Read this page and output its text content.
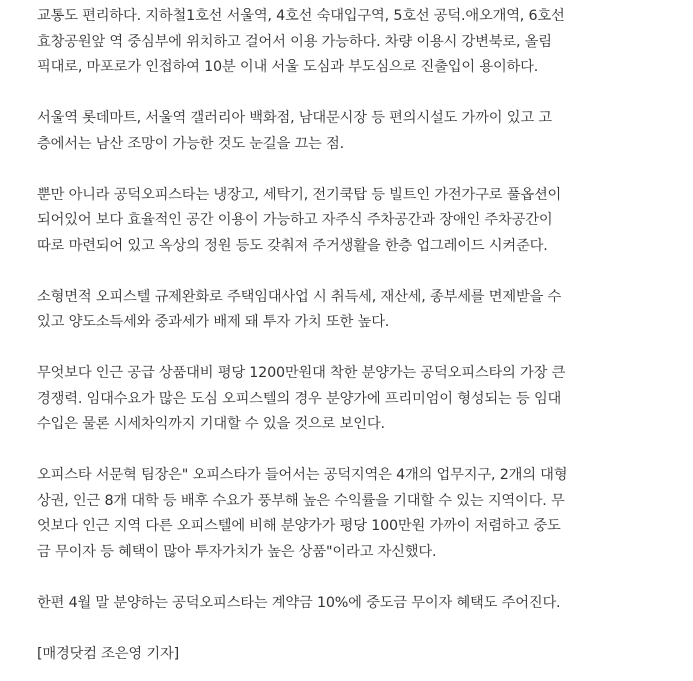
교통도 편리하다. 지하철1호선 서울역, 4호선 숙대입구역, 5호선 공덕.애오개역, 6호선
효창공원앞 역 중심부에 위치하고 걸어서 이용 가능하다. 차량 이용시 강변북로, 올림
픽대로, 마포로가 인접하여 10분 이내 서울 도심과 부도심으로 진출입이 용이하다.

서울역 롯데마트, 서울역 갤러리아 백화점, 남대문시장 등 편의시설도 가까이 있고 고
층에서는 남산 조망이 가능한 것도 눈길을 끄는 점.

뿐만 아니라 공덕오피스타는 냉장고, 세탁기, 전기쿡탑 등 빌트인 가전가구로 풀옵션이
되어있어 보다 효율적인 공간 이용이 가능하고 자주식 주차공간과 장애인 주차공간이
따로 마련되어 있고 옥상의 정원 등도 갖춰져 주거생활을 한층 업그레이드 시켜준다.

소형면적 오피스텔 규제완화로 주택임대사업 시 취득세, 재산세, 종부세를 면제받을 수
있고 양도소득세와 중과세가 배제 돼 투자 가치 또한 높다.

무엇보다 인근 공급 상품대비 평당 1200만원대 착한 분양가는 공덕오피스타의 가장 큰
경쟁력. 임대수요가 많은 도심 오피스텔의 경우 분양가에 프리미엄이 형성되는 등 임대
수입은 물론 시세차익까지 기대할 수 있을 것으로 보인다.

오피스타 서문혁 팀장은" 오피스타가 들어서는 공덕지역은 4개의 업무지구, 2개의 대형
상권, 인근 8개 대학 등 배후 수요가 풍부해 높은 수익률을 기대할 수 있는 지역이다. 무
엇보다 인근 지역 다른 오피스텔에 비해 분양가가 평당 100만원 가까이 저렴하고 중도
금 무이자 등 혜택이 많아 투자가치가 높은 상품"이라고 자신했다.

한편 4월 말 분양하는 공덕오피스타는 계약금 10%에 중도금 무이자 혜택도 주어진다.

[매경닷컴 조은영 기자]
